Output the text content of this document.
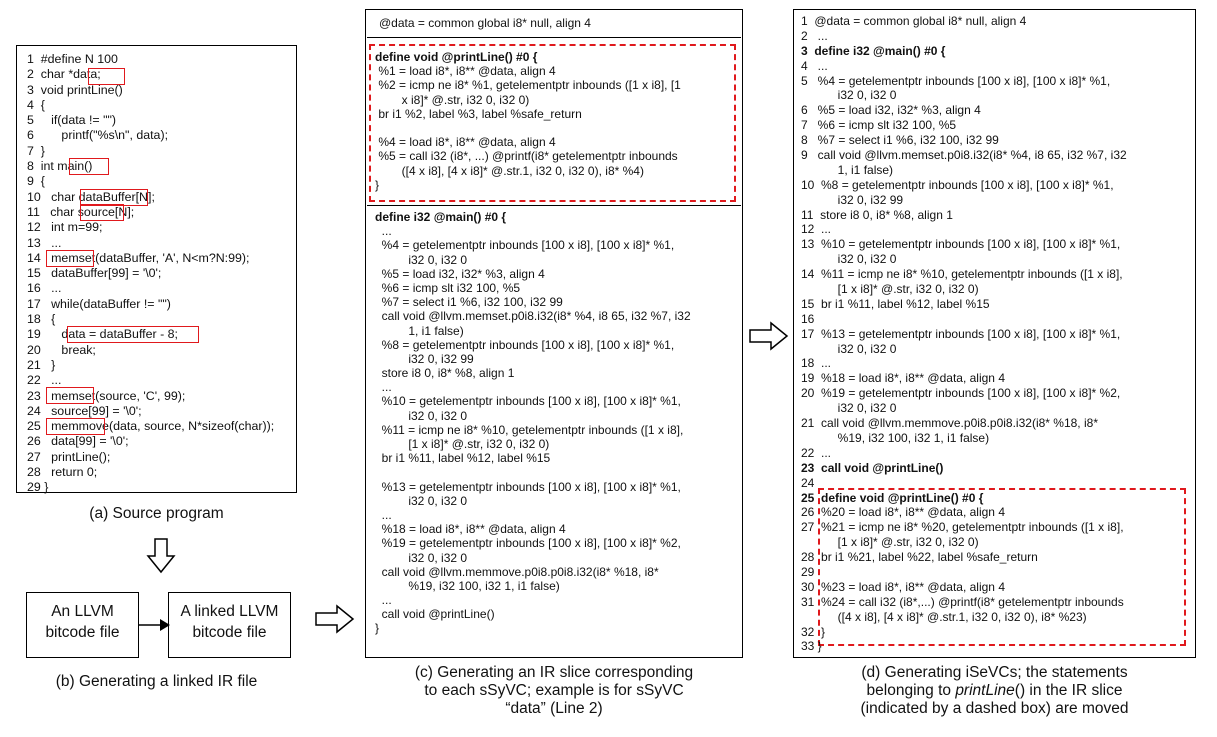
1  #define N 100
2  char *data;
3  void printLine()
4  {
5     if(data != "")
6        printf("%s\n", data);
7  }
8  int main()
9  {
10   char dataBuffer[N];
11   char source[N];
12   int m=99;
13   ...
14   memset(dataBuffer, 'A', N<m?N:99);
15   dataBuffer[99] = '\0';
16   ...
17   while(dataBuffer != "")
18   {
19      data = dataBuffer - 8;
20      break;
21   }
22   ...
23   memset(source, 'C', 99);
24   source[99] = '\0';
25   memmove(data, source, N*sizeof(char));
26   data[99] = '\0';
27   printLine();
28   return 0;
29 }
(a) Source program
An LLVM
bitcode file
A linked LLVM
bitcode file
(b) Generating a linked IR file
@data = common global i8* null, align 4
define void @printLine() #0 {
%1 = load i8*, i8** @data, align 4
%2 = icmp ne i8* %1, getelementptr inbounds ([1 x i8], [1
x i8]* @.str, i32 0, i32 0)
br i1 %2, label %3, label %safe_return
%4 = load i8*, i8** @data, align 4
%5 = call i32 (i8*, ...) @printf(i8* getelementptr inbounds
([4 x i8], [4 x i8]* @.str.1, i32 0, i32 0), i8* %4)
}
define i32 @main() #0 {
...
%4 = getelementptr inbounds [100 x i8], [100 x i8]* %1,
i32 0, i32 0
%5 = load i32, i32* %3, align 4
%6 = icmp slt i32 100, %5
%7 = select i1 %6, i32 100, i32 99
call void @llvm.memset.p0i8.i32(i8* %4, i8 65, i32 %7, i32
1, i1 false)
%8 = getelementptr inbounds [100 x i8], [100 x i8]* %1,
i32 0, i32 99
store i8 0, i8* %8, align 1
...
%10 = getelementptr inbounds [100 x i8], [100 x i8]* %1,
i32 0, i32 0
%11 = icmp ne i8* %10, getelementptr inbounds ([1 x i8],
[1 x i8]* @.str, i32 0, i32 0)
br i1 %11, label %12, label %15
%13 = getelementptr inbounds [100 x i8], [100 x i8]* %1,
i32 0, i32 0
...
%18 = load i8*, i8** @data, align 4
%19 = getelementptr inbounds [100 x i8], [100 x i8]* %2,
i32 0, i32 0
call void @llvm.memmove.p0i8.p0i8.i32(i8* %18, i8*
%19, i32 100, i32 1, i1 false)
...
call void @printLine()
}
(c) Generating an IR slice corresponding
to each sSyVC; example is for sSyVC
“data” (Line 2)
1  @data = common global i8* null, align 4
2   ...
3  define i32 @main() #0 {
4   ...
5   %4 = getelementptr inbounds [100 x i8], [100 x i8]* %1,
i32 0, i32 0
6   %5 = load i32, i32* %3, align 4
7   %6 = icmp slt i32 100, %5
8   %7 = select i1 %6, i32 100, i32 99
9   call void @llvm.memset.p0i8.i32(i8* %4, i8 65, i32 %7, i32
1, i1 false)
10  %8 = getelementptr inbounds [100 x i8], [100 x i8]* %1,
i32 0, i32 99
11  store i8 0, i8* %8, align 1
12  ...
13  %10 = getelementptr inbounds [100 x i8], [100 x i8]* %1,
i32 0, i32 0
14  %11 = icmp ne i8* %10, getelementptr inbounds ([1 x i8],
[1 x i8]* @.str, i32 0, i32 0)
15  br i1 %11, label %12, label %15
16
17  %13 = getelementptr inbounds [100 x i8], [100 x i8]* %1,
i32 0, i32 0
18  ...
19  %18 = load i8*, i8** @data, align 4
20  %19 = getelementptr inbounds [100 x i8], [100 x i8]* %2,
i32 0, i32 0
21  call void @llvm.memmove.p0i8.p0i8.i32(i8* %18, i8*
%19, i32 100, i32 1, i1 false)
22  ...
23  call void @printLine()
24
25  define void @printLine() #0 {
26  %20 = load i8*, i8** @data, align 4
27  %21 = icmp ne i8* %20, getelementptr inbounds ([1 x i8],
[1 x i8]* @.str, i32 0, i32 0)
28  br i1 %21, label %22, label %safe_return
29
30  %23 = load i8*, i8** @data, align 4
31  %24 = call i32 (i8*,...) @printf(i8* getelementptr inbounds
([4 x i8], [4 x i8]* @.str.1, i32 0, i32 0), i8* %23)
32  }
33 }
(d) Generating iSeVCs; the statements
belonging to printLine() in the IR slice
(indicated by a dashed box) are moved
